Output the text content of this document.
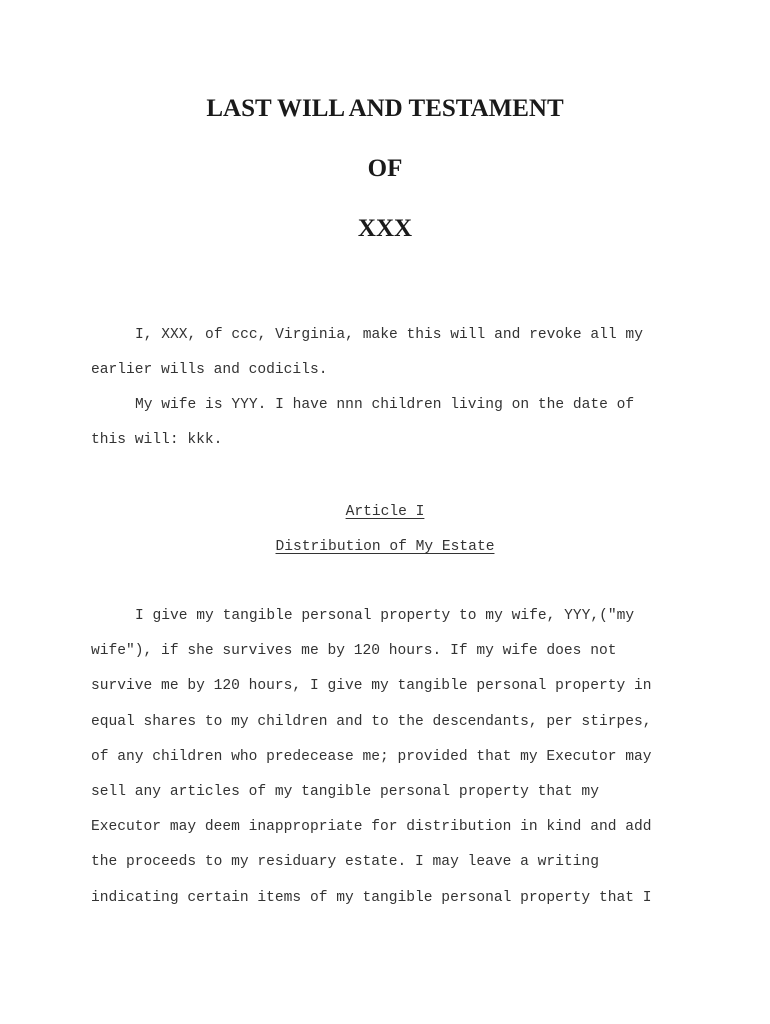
LAST WILL AND TESTAMENT
OF
XXX

I, XXX, of ccc, Virginia, make this will and revoke all my
earlier wills and codicils.

My wife is YYY. I have nnn children living on the date of
this will: kkk.

Article I

Distribution of My Estate

I give my tangible personal property to my wife, YYY,("my
wife"), if she survives me by 120 hours. If my wife does not
survive me by 120 hours, I give my tangible personal property in
equal shares to my children and to the descendants, per stirpes,
of any children who predecease me; provided that my Executor may
sell any articles of my tangible personal property that my
Executor may deem inappropriate for distribution in kind and add
the proceeds to my residuary estate. I may leave a writing
indicating certain items of my tangible personal property that I
